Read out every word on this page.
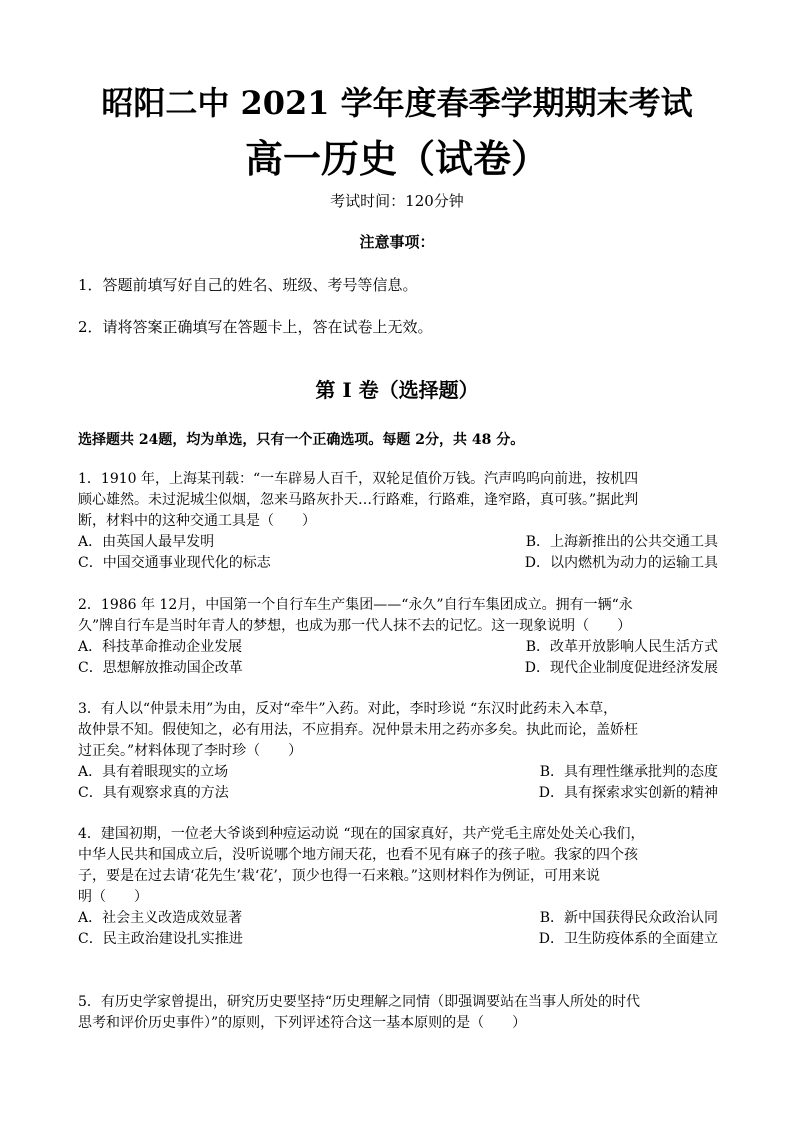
昭阳二中 2021 学年度春季学期期末考试
高一历史（试卷）
考试时间：120分钟
注意事项：
1．答题前填写好自己的姓名、班级、考号等信息。
2．请将答案正确填写在答题卡上，答在试卷上无效。
第 I 卷（选择题）
选择题共 24题，均为单选，只有一个正确选项。每题 2分，共 48 分。

1．1910 年，上海某刊载：“一车辟易人百千，双轮足值价万钱。汽声呜呜向前进，按机四

顾心雄然。未过泥城尘似烟，忽来马路灰扑天…行路难，行路难，逢窄路，真可骇。”据此判

断，材料中的这种交通工具是（　　）

A．由英国人最早发明	B．上海新推出的公共交通工具
C．中国交通事业现代化的标志	D．以内燃机为动力的运输工具

2．1986 年 12月，中国第一个自行车生产集团——“永久”自行车集团成立。拥有一辆“永

久”牌自行车是当时年青人的梦想，也成为那一代人抹不去的记忆。这一现象说明（　　）

A．科技革命推动企业发展	B．改革开放影响人民生活方式
C．思想解放推动国企改革	D．现代企业制度促进经济发展

3．有人以“仲景未用”为由，反对“牵牛”入药。对此，李时珍说 “东汉时此药未入本草，

故仲景不知。假使知之，必有用法，不应捐弃。况仲景未用之药亦多矣。执此而论，盖娇枉

过正矣。”材料体现了李时珍（　　）

A．具有着眼现实的立场	B．具有理性继承批判的态度
C．具有观察求真的方法	D．具有探索求实创新的精神

4．建国初期，一位老大爷谈到种痘运动说 “现在的国家真好，共产党毛主席处处关心我们，

中华人民共和国成立后，没听说哪个地方闹天花，也看不见有麻子的孩子啦。我家的四个孩

子，要是在过去请‘花先生’栽‘花’，顶少也得一石来粮。”这则材料作为例证，可用来说

明（　　）

A．社会主义改造成效显著	B．新中国获得民众政治认同
C．民主政治建设扎实推进	D．卫生防疫体系的全面建立

5．有历史学家曾提出，研究历史要坚持“历史理解之同情（即强调要站在当事人所处的时代

思考和评价历史事件）”的原则，下列评述符合这一基本原则的是（　　）
